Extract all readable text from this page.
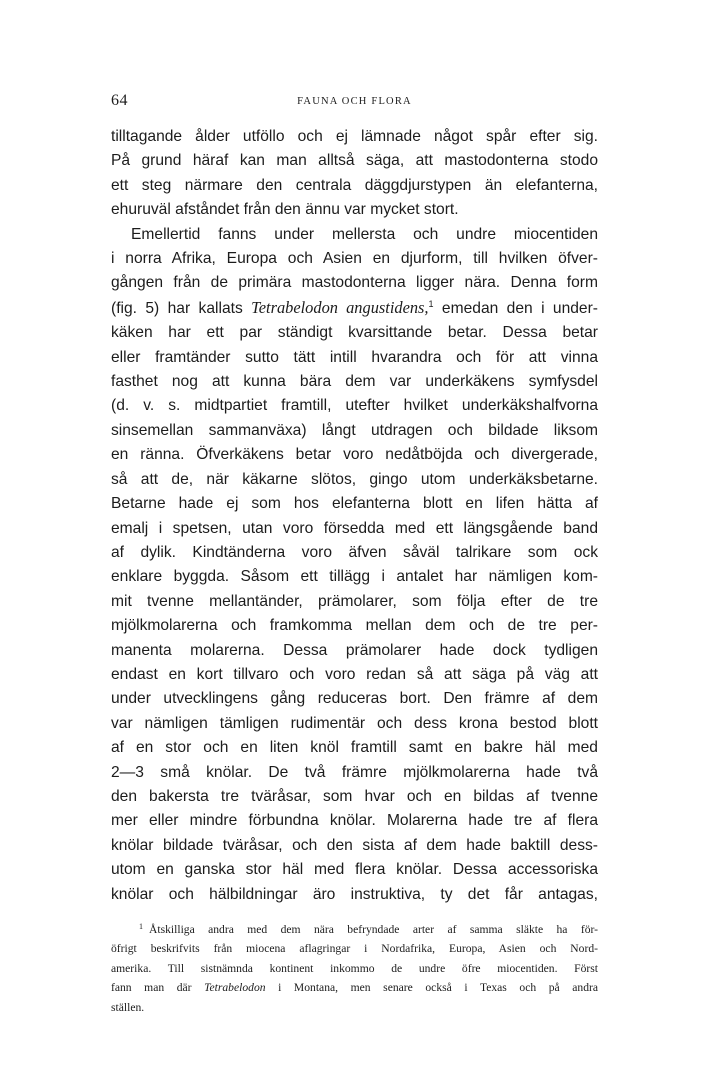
64	FAUNA OCH FLORA
tilltagande ålder utföllo och ej lämnade något spår efter sig.
På grund häraf kan man alltså säga, att mastodonterna stodo
ett steg närmare den centrala däggdjurstypen än elefanterna,
ehuruväl afståndet från den ännu var mycket stort.
Emellertid fanns under mellersta och undre miocentiden
i norra Afrika, Europa och Asien en djurform, till hvilken öfver-
gången från de primära mastodonterna ligger nära. Denna form
(fig. 5) har kallats Tetrabelodon angustidens,$^1$ emedan den i under-
käken har ett par ständigt kvarsittande betar. Dessa betar
eller framtänder sutto tätt intill hvarandra och för att vinna
fasthet nog att kunna bära dem var underkäkens symfysdel
(d. v. s. midtpartiet framtill, utefter hvilket underkäkshalfvorna
sinsemellan sammanväxa) långt utdragen och bildade liksom
en ränna. Öfverkäkens betar voro nedåtböjda och divergerade,
så att de, när käkarne slötos, gingo utom underkäksbetarne.
Betarne hade ej som hos elefanterna blott en lifen hätta af
emalj i spetsen, utan voro försedda med ett längsgående band
af dylik. Kindtänderna voro äfven såväl talrikare som ock
enklare byggda. Såsom ett tillägg i antalet har nämligen kom-
mit tvenne mellantänder, prämolarer, som följa efter de tre
mjölkmolarerna och framkomma mellan dem och de tre per-
manenta molarerna. Dessa prämolarer hade dock tydligen
endast en kort tillvaro och voro redan så att säga på väg att
under utvecklingens gång reduceras bort. Den främre af dem
var nämligen tämligen rudimentär och dess krona bestod blott
af en stor och en liten knöl framtill samt en bakre häl med
2—3 små knölar. De två främre mjölkmolarerna hade två
den bakersta tre tväråsar, som hvar och en bildas af tvenne
mer eller mindre förbundna knölar. Molarerna hade tre af flera
knölar bildade tväråsar, och den sista af dem hade baktill dess-
utom en ganska stor häl med flera knölar. Dessa accessoriska
knölar och hälbildningar äro instruktiva, ty det får antagas,
$^1$ Åtskilliga andra med dem nära befryndade arter af samma släkte ha för-
öfrigt beskrifvits från miocena aflagringar i Nordafrika, Europa, Asien och Nord-
amerika. Till sistnämnda kontinent inkommo de undre öfre miocentiden. Först
fann man där Tetrabelodon i Montana, men senare också i Texas och på andra
ställen.
